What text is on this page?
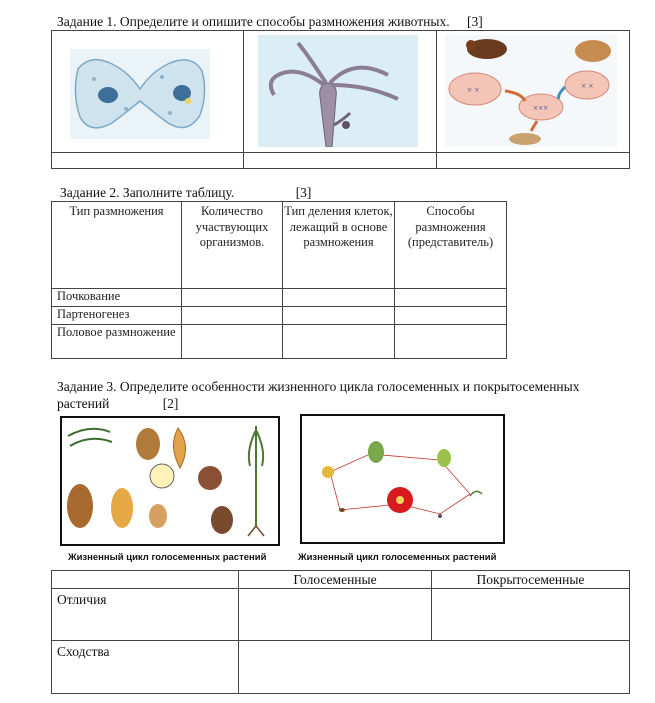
Задание 1. Определите и опишите способы размножения животных. [3]

× × × ×
×××

Задание 2. Заполните таблицу.	[3]
Тип размножения	Количество участвующих организмов.	Тип деления клеток, лежащий в основе размножения	Способы размножения (представитель)
Почкование			
Партеногенез			
Половое размножение			
Задание 3. Определите особенности жизненного цикла голосеменных и покрытосеменных
растений	[2]
Жизненный цикл голосеменных растений	Жизненный цикл голосеменных растений
	Голосеменные	Покрытосеменные
Отличия		
Сходства		
